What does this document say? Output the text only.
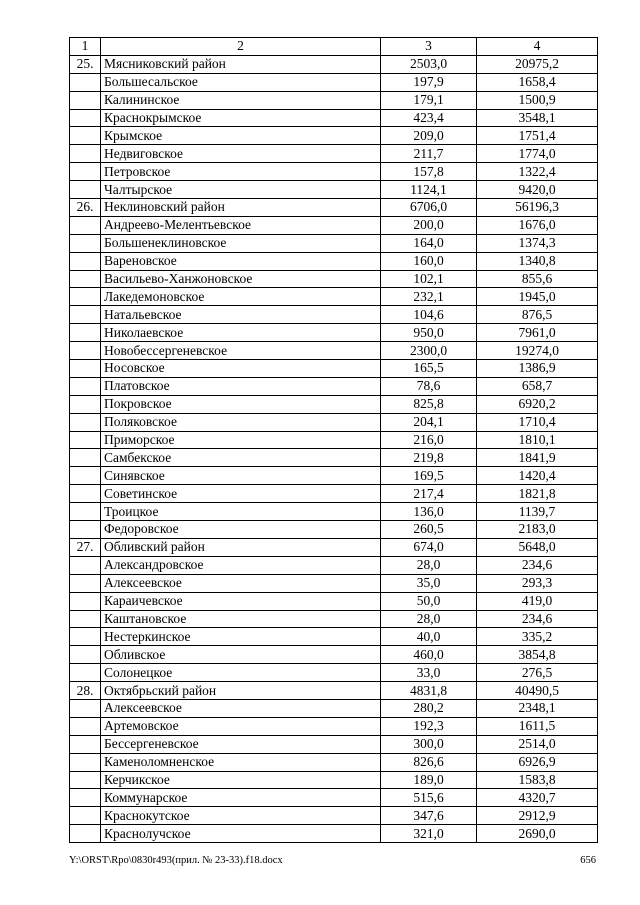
1	2	3	4
25.	Мясниковский район	2503,0	20975,2
	Большесальское	197,9	1658,4
	Калининское	179,1	1500,9
	Краснокрымское	423,4	3548,1
	Крымское	209,0	1751,4
	Недвиговское	211,7	1774,0
	Петровское	157,8	1322,4
	Чалтырское	1124,1	9420,0
26.	Неклиновский район	6706,0	56196,3
	Андреево-Мелентьевское	200,0	1676,0
	Большенеклиновское	164,0	1374,3
	Вареновское	160,0	1340,8
	Васильево-Ханжоновское	102,1	855,6
	Лакедемоновское	232,1	1945,0
	Натальевское	104,6	876,5
	Николаевское	950,0	7961,0
	Новобессергеневское	2300,0	19274,0
	Носовское	165,5	1386,9
	Платовское	78,6	658,7
	Покровское	825,8	6920,2
	Поляковское	204,1	1710,4
	Приморское	216,0	1810,1
	Самбекское	219,8	1841,9
	Синявское	169,5	1420,4
	Советинское	217,4	1821,8
	Троицкое	136,0	1139,7
	Федоровское	260,5	2183,0
27.	Обливский район	674,0	5648,0
	Александровское	28,0	234,6
	Алексеевское	35,0	293,3
	Караичевское	50,0	419,0
	Каштановское	28,0	234,6
	Нестеркинское	40,0	335,2
	Обливское	460,0	3854,8
	Солонецкое	33,0	276,5
28.	Октябрьский район	4831,8	40490,5
	Алексеевское	280,2	2348,1
	Артемовское	192,3	1611,5
	Бессергеневское	300,0	2514,0
	Каменоломненское	826,6	6926,9
	Керчикское	189,0	1583,8
	Коммунарское	515,6	4320,7
	Краснокутское	347,6	2912,9
	Краснолучское	321,0	2690,0
Y:\ORST\Rpo\0830r493(прил. № 23-33).f18.docx	656
